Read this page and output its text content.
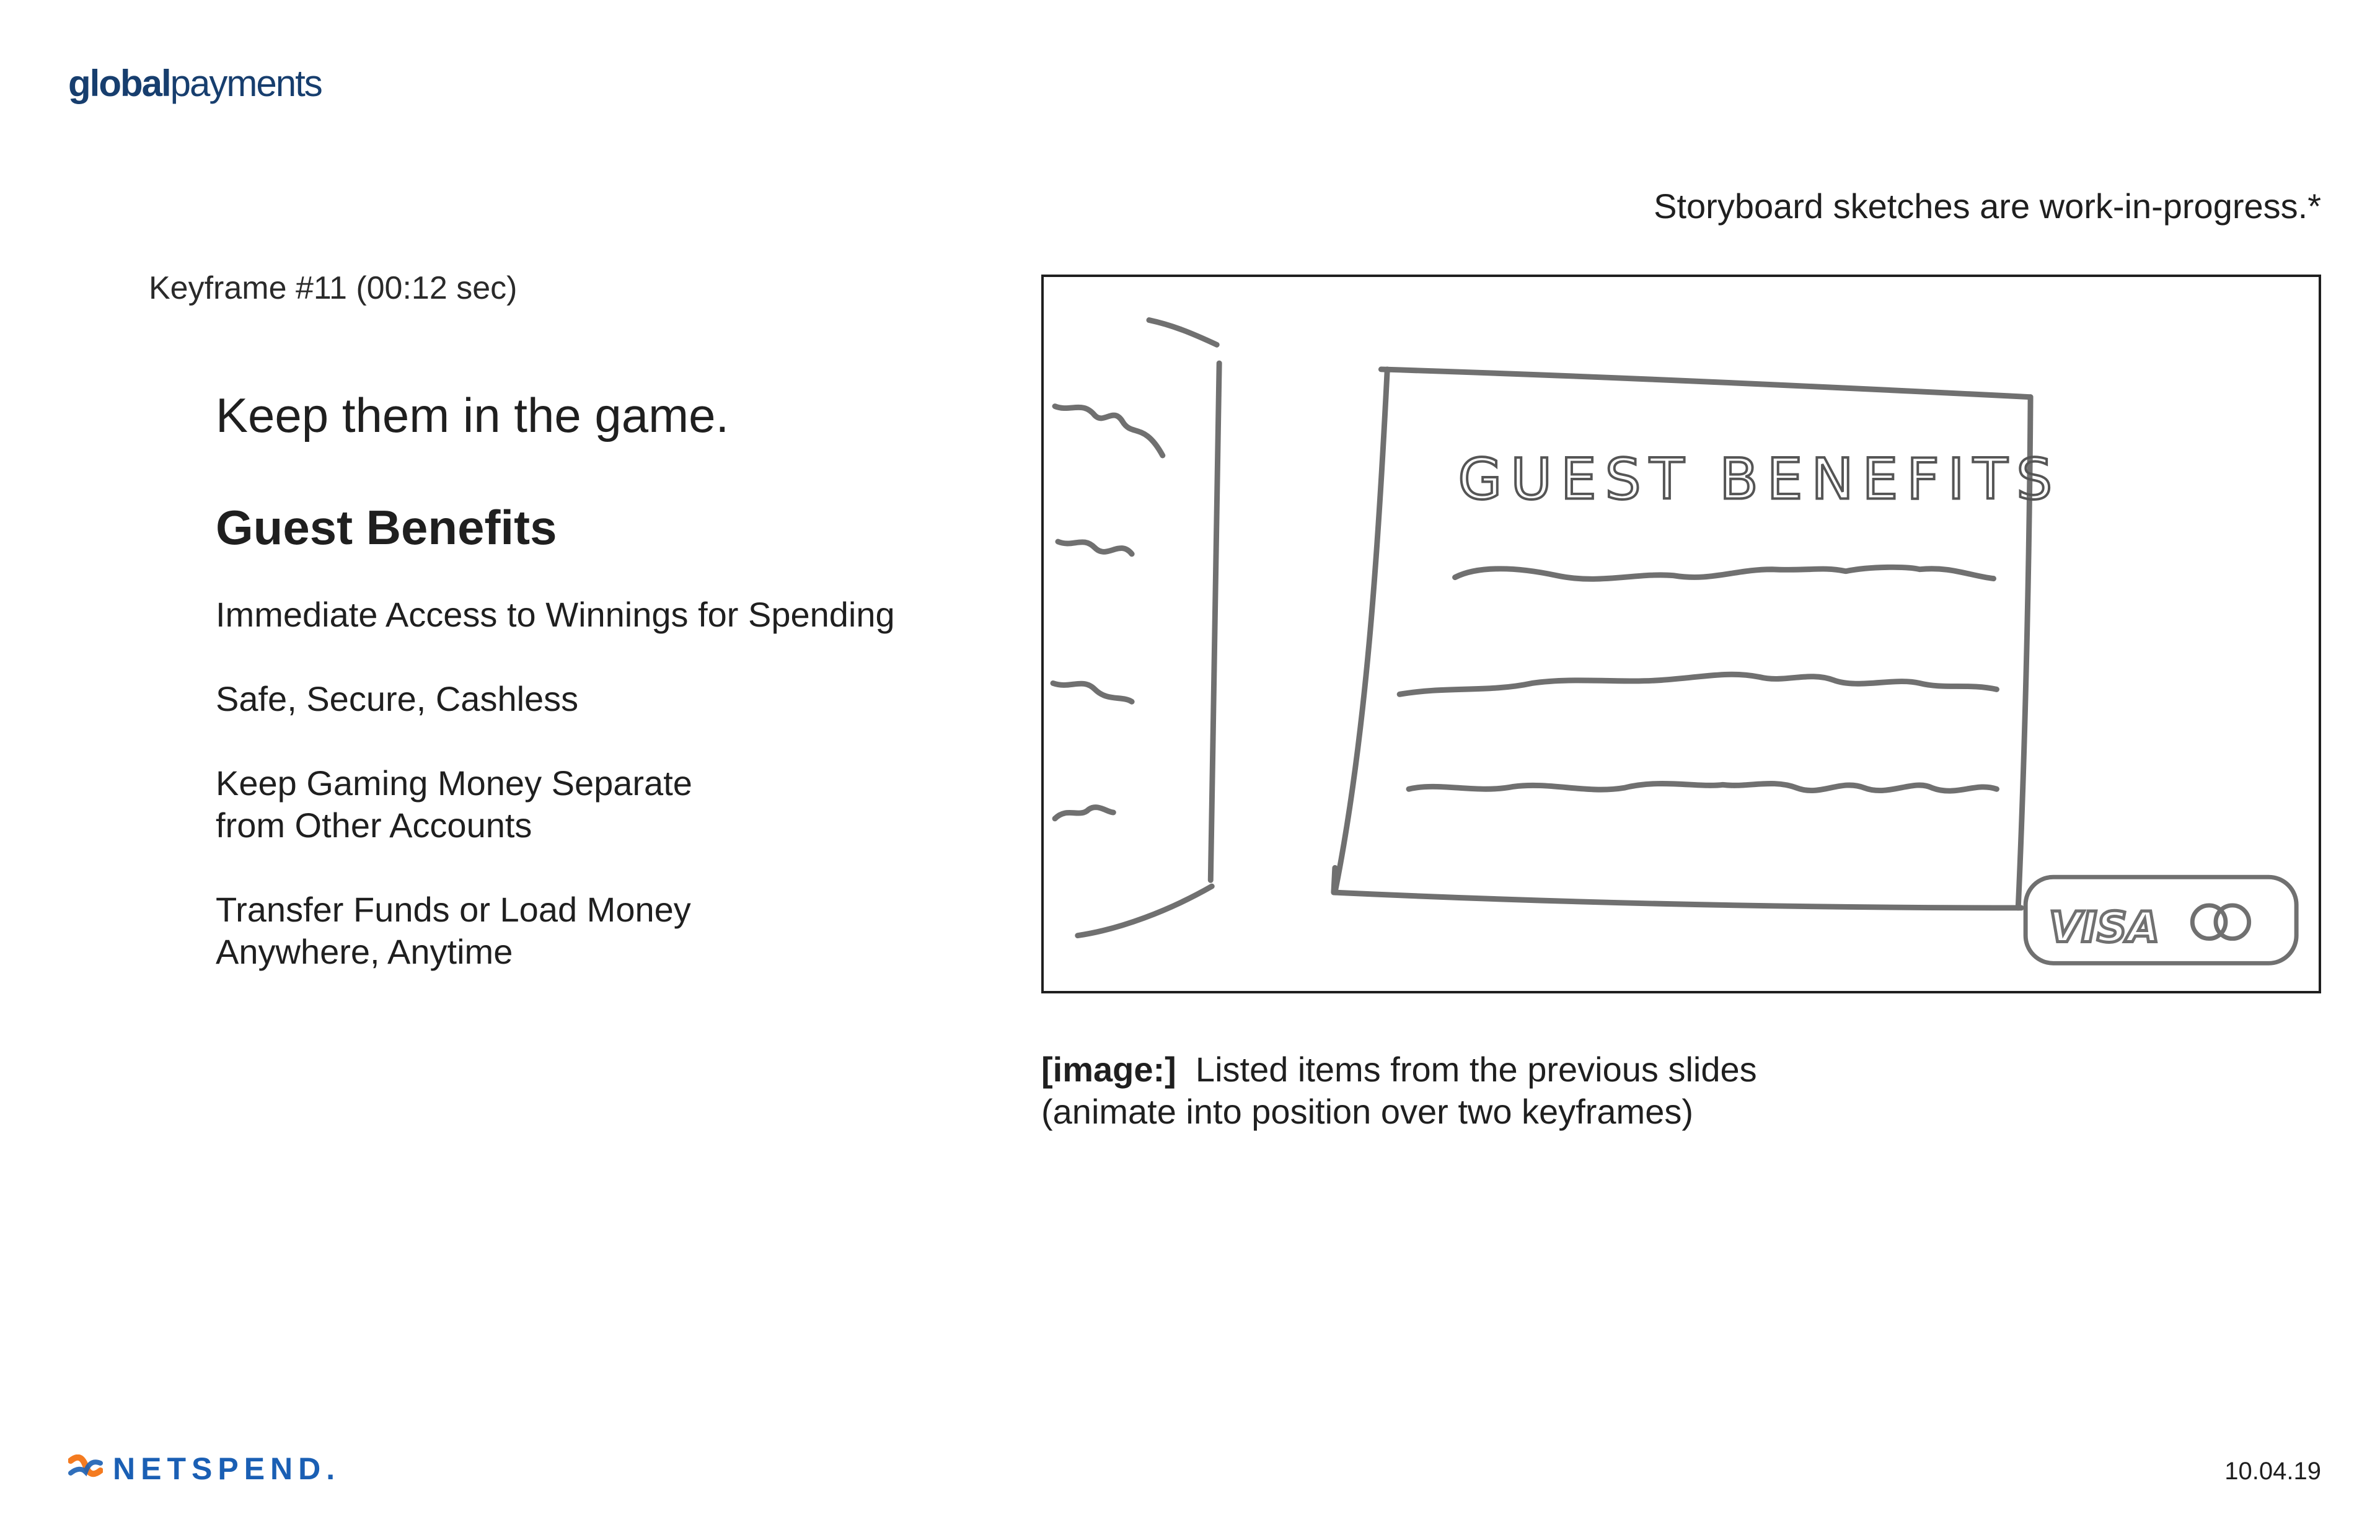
globalpayments
Storyboard sketches are work-in-progress.*
Keyframe #11 (00:12 sec)
Keep them in the game.
Guest Benefits
Immediate Access to Winnings for Spending
Safe, Secure, Cashless
Keep Gaming Money Separate
from Other Accounts
Transfer Funds or Load Money
Anywhere, Anytime
GUEST BENEFITS
VISA
[image:] Listed items from the previous slides
(animate into position over two keyframes)
NETSPEND.	10.04.19
